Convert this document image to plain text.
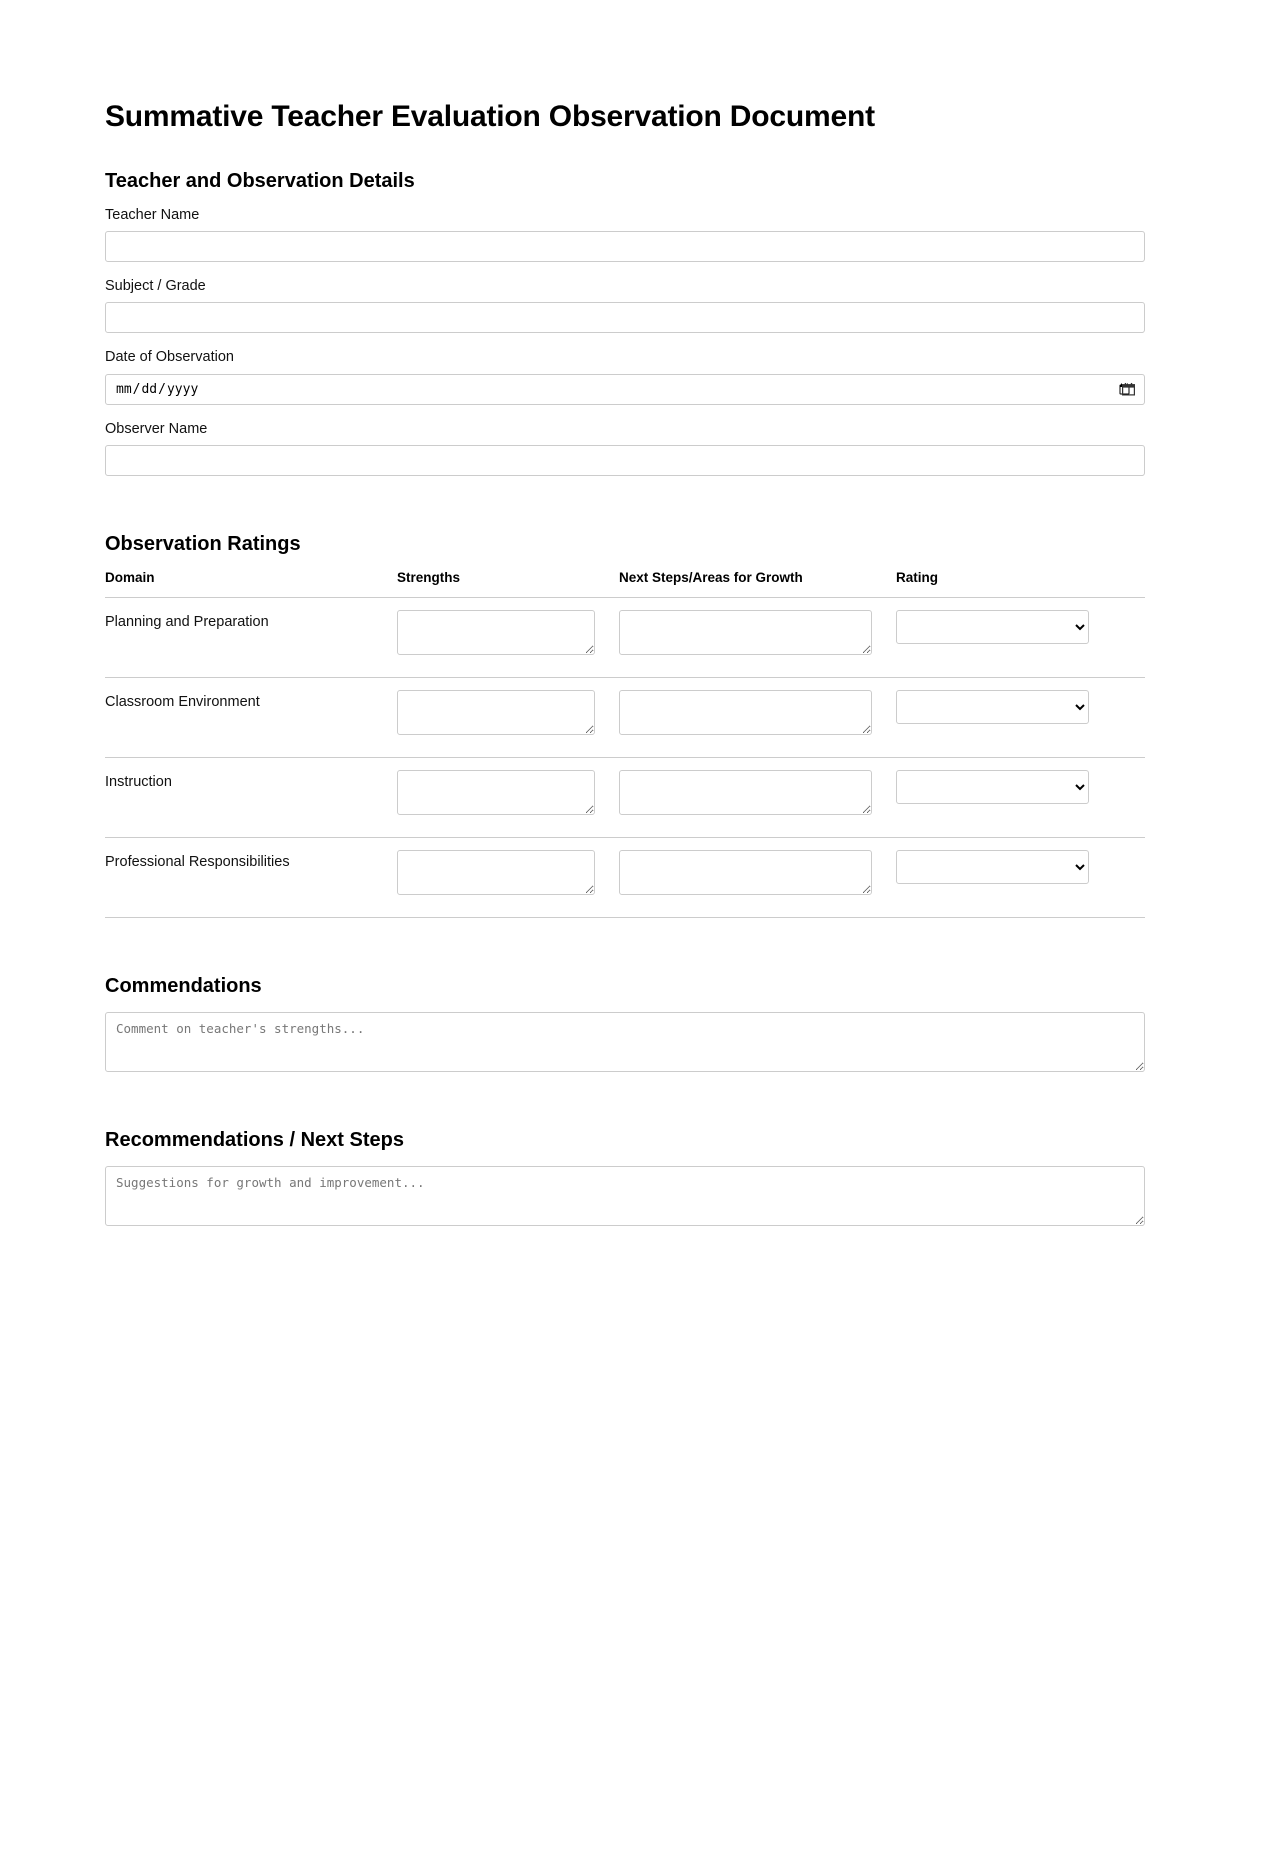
Summative Teacher Evaluation Observation Document
Teacher and Observation Details
Teacher Name
Subject / Grade
Date of Observation
Observer Name
Observation Ratings
Domain	Strengths	Next Steps/Areas for Growth	Rating

Planning and Preparation

Classroom Environment

Instruction

Professional Responsibilities

Commendations
Comment on teacher's strengths...
Recommendations / Next Steps
Suggestions for growth and improvement...
